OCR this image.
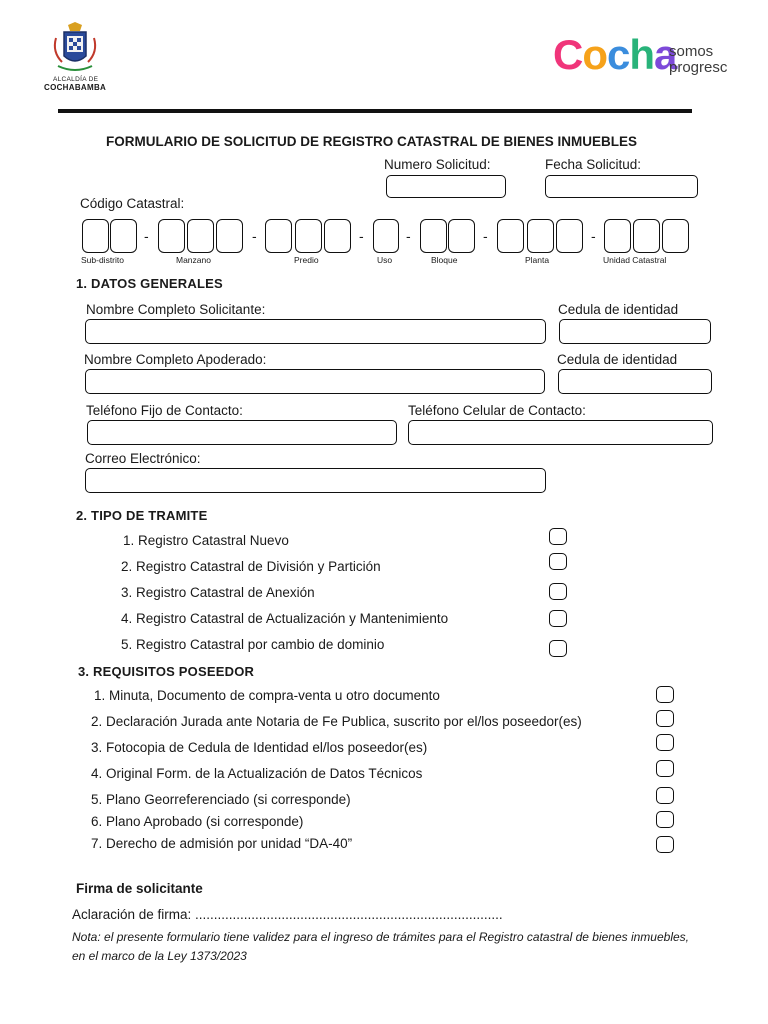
ALCALDÍA DE
COCHABAMBA
Cocha
somos
progresc
FORMULARIO DE SOLICITUD DE REGISTRO CATASTRAL DE BIENES INMUEBLES
Numero Solicitud:	Fecha Solicitud:
Código Catastral:
-	-	-	-	-	-
Sub-distrito	Manzano	Predio	Uso	Bloque	Planta	Unidad Catastral
1. DATOS GENERALES
Nombre Completo Solicitante:	Cedula de identidad
Nombre Completo Apoderado:	Cedula de identidad
Teléfono Fijo de Contacto:	Teléfono Celular de Contacto:
Correo Electrónico:
2. TIPO DE TRAMITE
1. Registro Catastral Nuevo
2. Registro Catastral de División y Partición
3. Registro Catastral de Anexión
4. Registro Catastral de Actualización y Mantenimiento
5. Registro Catastral por cambio de dominio
3. REQUISITOS POSEEDOR
1. Minuta, Documento de compra-venta u otro documento
2. Declaración Jurada ante Notaria de Fe Publica, suscrito por el/los poseedor(es)
3. Fotocopia de Cedula de Identidad el/los poseedor(es)
4. Original Form. de la Actualización de Datos Técnicos
5. Plano Georreferenciado (si corresponde)
6. Plano Aprobado (si corresponde)
7. Derecho de admisión por unidad “DA-40”
Firma de solicitante
Aclaración de firma: ..................................................................................
Nota: el presente formulario tiene validez para el ingreso de trámites para el Registro catastral de bienes inmuebles, en el marco de la Ley 1373/2023
